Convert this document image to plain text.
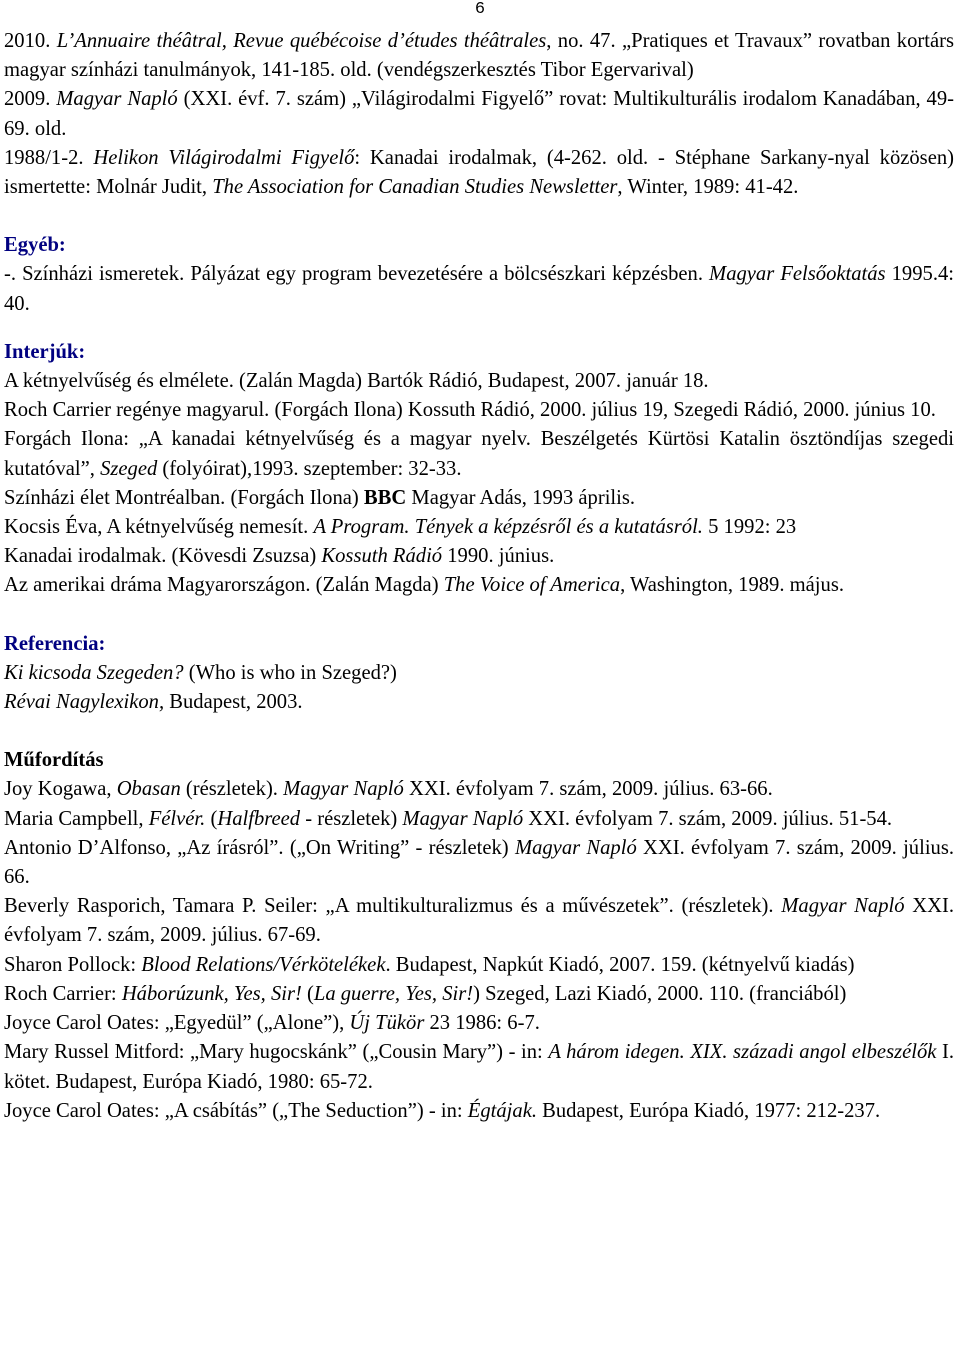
6

2010. L’Annuaire théâtral, Revue québécoise d’études théâtrales, no. 47. „Pratiques et Travaux” rovatban kortárs magyar színházi tanulmányok, 141-185. old. (vendégszerkesztés Tibor Egervarival)

2009. Magyar Napló (XXI. évf. 7. szám) „Világirodalmi Figyelő” rovat: Multikulturális irodalom Kanadában, 49-69. old.

1988/1-2. Helikon Világirodalmi Figyelő: Kanadai irodalmak, (4-262. old. - Stéphane Sarkany-nyal közösen) ismertette: Molnár Judit, The Association for Canadian Studies Newsletter, Winter, 1989: 41-42.

Egyéb:

-. Színházi ismeretek. Pályázat egy program bevezetésére a bölcsészkari képzésben. Magyar Felsőoktatás 1995.4: 40.

Interjúk:

A kétnyelvűség és elmélete. (Zalán Magda) Bartók Rádió, Budapest, 2007. január 18.

Roch Carrier regénye magyarul. (Forgách Ilona) Kossuth Rádió, 2000. július 19, Szegedi Rádió, 2000. június 10.

Forgách Ilona: „A kanadai kétnyelvűség és a magyar nyelv. Beszélgetés Kürtösi Katalin ösztöndíjas szegedi kutatóval”, Szeged (folyóirat),1993. szeptember: 32-33.

Színházi élet Montréalban. (Forgách Ilona) BBC Magyar Adás, 1993 április.

Kocsis Éva, A kétnyelvűség nemesít. A Program. Tények a képzésről és a kutatásról. 5 1992: 23

Kanadai irodalmak. (Kövesdi Zsuzsa) Kossuth Rádió 1990. június.

Az amerikai dráma Magyarországon. (Zalán Magda) The Voice of America, Washington, 1989. május.

Referencia:

Ki kicsoda Szegeden? (Who is who in Szeged?)

Révai Nagylexikon, Budapest, 2003.

Műfordítás

Joy Kogawa, Obasan (részletek). Magyar Napló XXI. évfolyam 7. szám, 2009. július. 63-66.

Maria Campbell, Félvér. (Halfbreed - részletek) Magyar Napló XXI. évfolyam 7. szám, 2009. július. 51-54.

Antonio D’Alfonso, „Az írásról”. („On Writing” - részletek) Magyar Napló XXI. évfolyam 7. szám, 2009. július. 66.

Beverly Rasporich, Tamara P. Seiler: „A multikulturalizmus és a művészetek”. (részletek). Magyar Napló XXI. évfolyam 7. szám, 2009. július. 67-69.

Sharon Pollock: Blood Relations/Vérkötelékek. Budapest, Napkút Kiadó, 2007. 159. (kétnyelvű kiadás)

Roch Carrier: Háborúzunk, Yes, Sir! (La guerre, Yes, Sir!) Szeged, Lazi Kiadó, 2000. 110. (franciából)

Joyce Carol Oates: „Egyedül” („Alone”), Új Tükör 23 1986: 6-7.

Mary Russel Mitford: „Mary hugocskánk” („Cousin Mary”) - in: A három idegen. XIX. századi angol elbeszélők I. kötet. Budapest, Európa Kiadó, 1980: 65-72.

Joyce Carol Oates: „A csábítás” („The Seduction”) - in: Égtájak. Budapest, Európa Kiadó, 1977: 212-237.
